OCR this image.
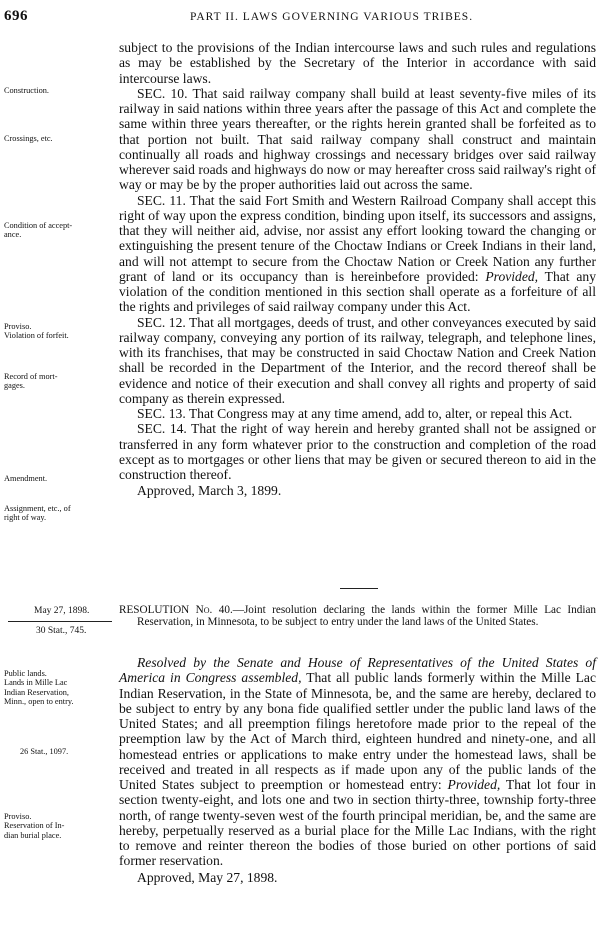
696	PART II. LAWS GOVERNING VARIOUS TRIBES.
Construction.
Crossings, etc.
Condition of accept-
ance.
Proviso.
Violation of forfeit.
Record of mort-
gages.
Amendment.
Assignment, etc., of
right of way.

subject to the provisions of the Indian intercourse laws and such rules and regulations as may be established by the Secretary of the Interior in accordance with said intercourse laws.

SEC. 10. That said railway company shall build at least seventy-five miles of its railway in said nations within three years after the passage of this Act and complete the same within three years thereafter, or the rights herein granted shall be forfeited as to that portion not built. That said railway company shall construct and maintain continually all roads and highway crossings and necessary bridges over said railway wherever said roads and highways do now or may hereafter cross said railway's right of way or may be by the proper authorities laid out across the same.

SEC. 11. That the said Fort Smith and Western Railroad Company shall accept this right of way upon the express condition, binding upon itself, its successors and assigns, that they will neither aid, advise, nor assist any effort looking toward the changing or extinguishing the present tenure of the Choctaw Indians or Creek Indians in their land, and will not attempt to secure from the Choctaw Nation or Creek Nation any further grant of land or its occupancy than is hereinbefore provided: Provided, That any violation of the condition mentioned in this section shall operate as a forfeiture of all the rights and privileges of said railway company under this Act.

SEC. 12. That all mortgages, deeds of trust, and other conveyances executed by said railway company, conveying any portion of its railway, telegraph, and telephone lines, with its franchises, that may be constructed in said Choctaw Nation and Creek Nation shall be recorded in the Department of the Interior, and the record thereof shall be evidence and notice of their execution and shall convey all rights and property of said company as therein expressed.

SEC. 13. That Congress may at any time amend, add to, alter, or repeal this Act.

SEC. 14. That the right of way herein and hereby granted shall not be assigned or transferred in any form whatever prior to the construction and completion of the road except as to mortgages or other liens that may be given or secured thereon to aid in the construction thereof.

Approved, March 3, 1899.

May 27, 1898.
30 Stat., 745.
RESOLUTION No. 40.—Joint resolution declaring the lands within the former Mille Lac Indian Reservation, in Minnesota, to be subject to entry under the land laws of the United States.
Public lands.
Lands in Mille Lac
Indian Reservation,
Minn., open to entry.
26 Stat., 1097.
Proviso.
Reservation of In-
dian burial place.

Resolved by the Senate and House of Representatives of the United States of America in Congress assembled, That all public lands formerly within the Mille Lac Indian Reservation, in the State of Minnesota, be, and the same are hereby, declared to be subject to entry by any bona fide qualified settler under the public land laws of the United States; and all preemption filings heretofore made prior to the repeal of the preemption law by the Act of March third, eighteen hundred and ninety-one, and all homestead entries or applications to make entry under the homestead laws, shall be received and treated in all respects as if made upon any of the public lands of the United States subject to preemption or homestead entry: Provided, That lot four in section twenty-eight, and lots one and two in section thirty-three, township forty-three north, of range twenty-seven west of the fourth principal meridian, be, and the same are hereby, perpetually reserved as a burial place for the Mille Lac Indians, with the right to remove and reinter thereon the bodies of those buried on other portions of said former reservation.

Approved, May 27, 1898.
